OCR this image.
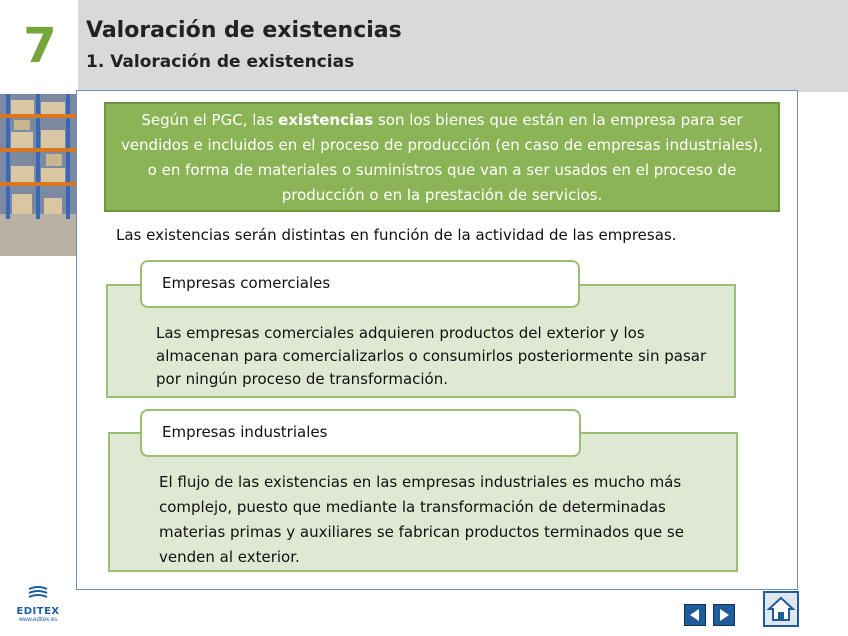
7 Valoración de existencias
1. Valoración de existencias
Según el PGC, las existencias son los bienes que están en la empresa para ser vendidos e incluidos en el proceso de producción (en caso de empresas industriales), o en forma de materiales o suministros que van a ser usados en el proceso de producción o en la prestación de servicios.
Las existencias serán distintas en función de la actividad de las empresas.
Empresas comerciales
Las empresas comerciales adquieren productos del exterior y los almacenan para comercializarlos o consumirlos posteriormente sin pasar por ningún proceso de transformación.
Empresas industriales
El flujo de las existencias en las empresas industriales es mucho más complejo, puesto que mediante la transformación de determinadas materias primas y auxiliares se fabrican productos terminados que se venden al exterior.
EDITEX
www.editex.es
